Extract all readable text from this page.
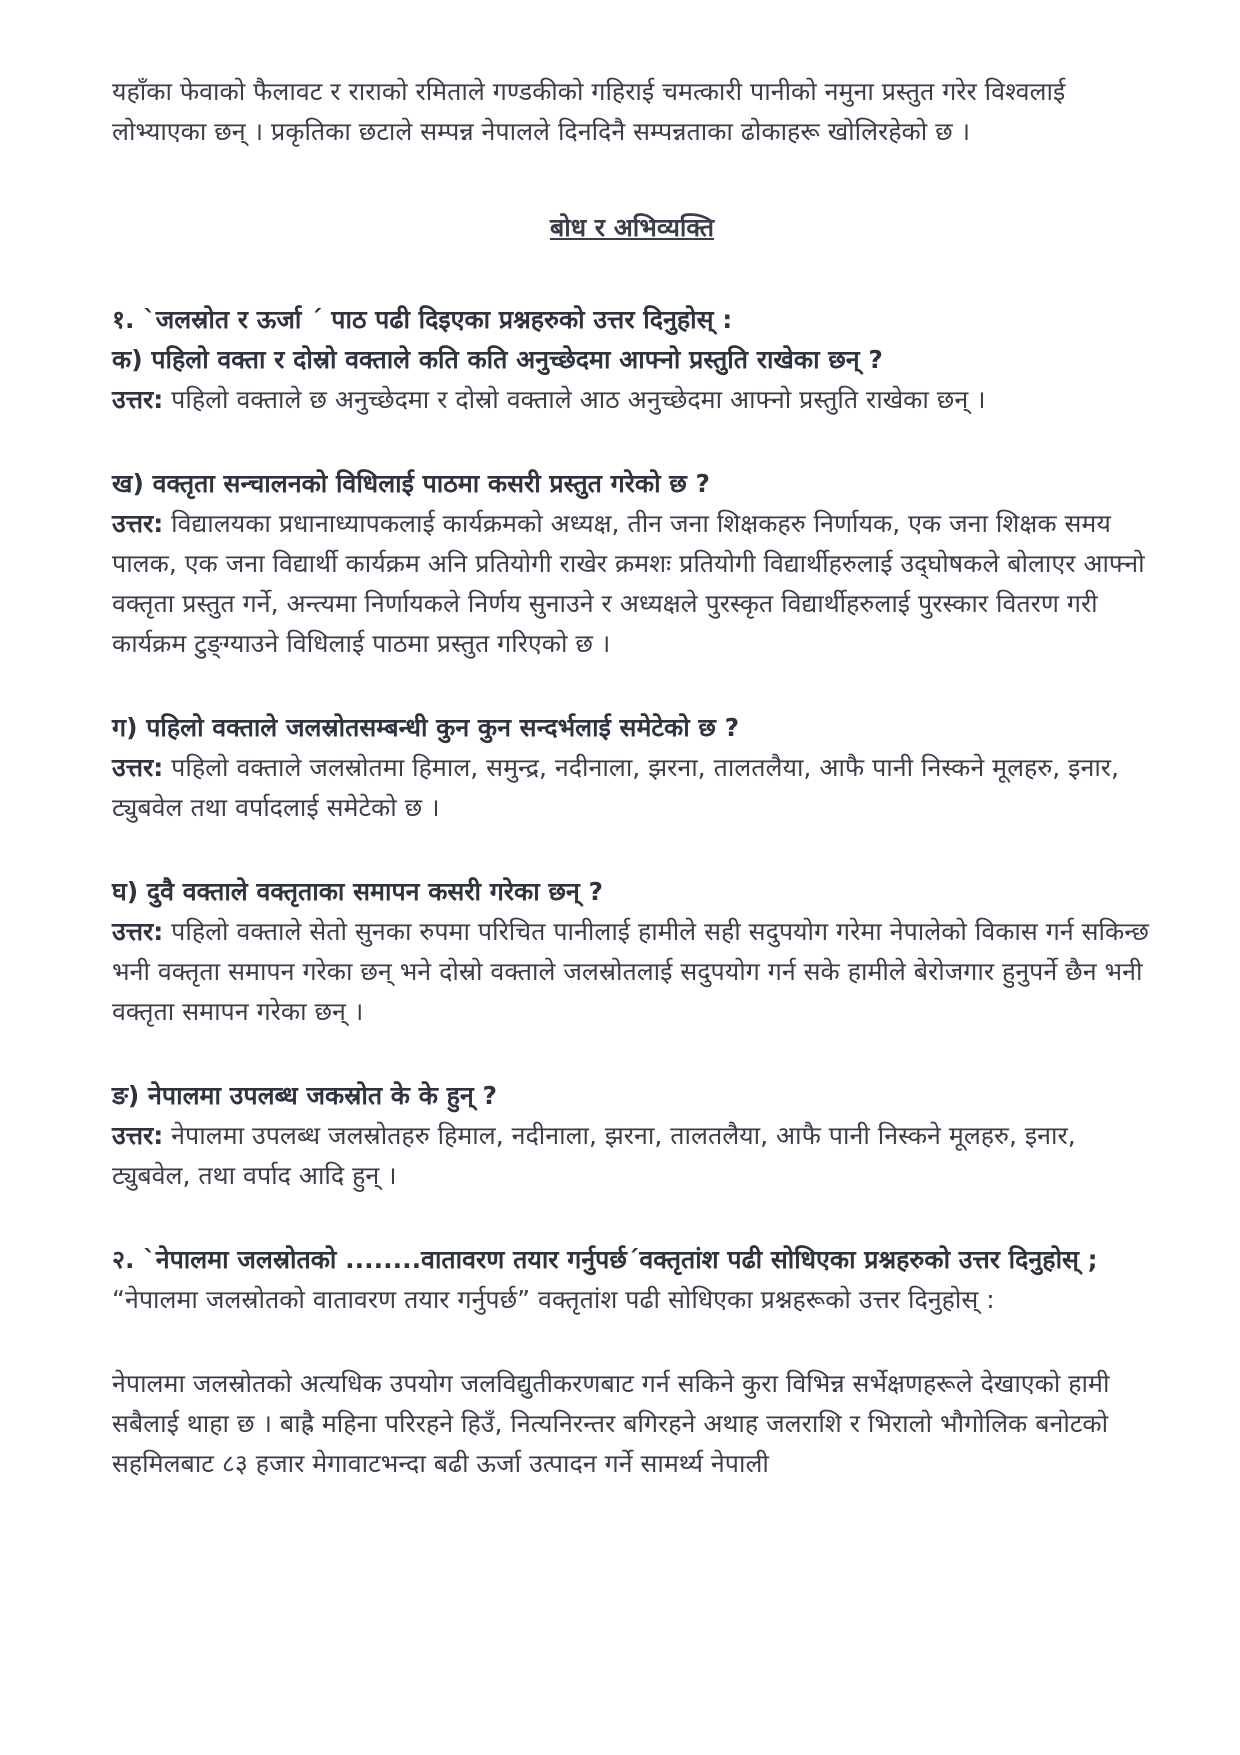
यहाँका फेवाको फैलावट र राराको रमिताले गण्डकीको गहिराई चमत्कारी पानीको नमुना प्रस्तुत गरेर विश्वलाई लोभ्याएका छन् । प्रकृतिका छटाले सम्पन्न नेपालले दिनदिनै सम्पन्नताका ढोकाहरू खोलिरहेको छ ।

बोध र अभिव्यक्ति

१. `जलस्रोत र ऊर्जा ´ पाठ पढी दिइएका प्रश्नहरुको उत्तर दिनुहोस् :

क) पहिलो वक्ता र दोस्रो वक्ताले कति कति अनुच्छेदमा आफ्नो प्रस्तुति राखेका छन् ?

उत्तर: पहिलो वक्ताले छ अनुच्छेदमा र दोस्रो वक्ताले आठ अनुच्छेदमा आफ्नो प्रस्तुति राखेका छन् ।

ख) वक्तृता सन्चालनको विधिलाई पाठमा कसरी प्रस्तुत गरेको छ ?

उत्तर: विद्यालयका प्रधानाध्यापकलाई कार्यक्रमको अध्यक्ष, तीन जना शिक्षकहरु निर्णायक, एक जना शिक्षक समय पालक, एक जना विद्यार्थी कार्यक्रम अनि प्रतियोगी राखेर क्रमशः प्रतियोगी विद्यार्थीहरुलाई उद्‌घोषकले बोलाएर आफ्नो वक्तृता प्रस्तुत गर्ने, अन्त्यमा निर्णायकले निर्णय सुनाउने र अध्यक्षले पुरस्कृत विद्यार्थीहरुलाई पुरस्कार वितरण गरी कार्यक्रम टुङ्ग्याउने विधिलाई पाठमा प्रस्तुत गरिएको छ ।

ग) पहिलो वक्ताले जलस्रोतसम्बन्धी कुन कुन सन्दर्भलाई समेटेको छ ?

उत्तर: पहिलो वक्ताले जलस्रोतमा हिमाल, समुन्द्र, नदीनाला, झरना, तालतलैया, आफै पानी निस्कने मूलहरु, इनार, ट्युबवेल तथा वर्पादलाई समेटेको छ ।

घ) दुवै वक्ताले वक्तृताका समापन कसरी गरेका छन् ?

उत्तर: पहिलो वक्ताले सेतो सुनका रुपमा परिचित पानीलाई हामीले सही सदुपयोग गरेमा नेपालेको विकास गर्न सकिन्छ भनी वक्तृता समापन गरेका छन् भने दोस्रो वक्ताले जलस्रोतलाई सदुपयोग गर्न सके हामीले बेरोजगार हुनुपर्ने छैन भनी वक्तृता समापन गरेका छन् ।

ङ) नेपालमा उपलब्ध जकस्रोत के के हुन् ?

उत्तर: नेपालमा उपलब्ध जलस्रोतहरु हिमाल, नदीनाला, झरना, तालतलैया, आफै पानी निस्कने मूलहरु, इनार, ट्युबवेल, तथा वर्पाद आदि हुन् ।

२. `नेपालमा जलस्रोतको ........वातावरण तयार गर्नुपर्छ´वक्तृतांश पढी सोधिएका प्रश्नहरुको उत्तर दिनुहोस् ;

“नेपालमा जलस्रोतको वातावरण तयार गर्नुपर्छ” वक्तृतांश पढी सोधिएका प्रश्नहरूको उत्तर दिनुहोस् :

नेपालमा जलस्रोतको अत्यधिक उपयोग जलविद्युतीकरणबाट गर्न सकिने कुरा विभिन्न सर्भेक्षणहरूले देखाएको हामी सबैलाई थाहा छ । बाह्रै महिना परिरहने हिउँ, नित्यनिरन्तर बगिरहने अथाह जलराशि र भिरालो भौगोलिक बनोटको सहमिलबाट ८३ हजार मेगावाटभन्दा बढी ऊर्जा उत्पादन गर्ने सामर्थ्य नेपाली
